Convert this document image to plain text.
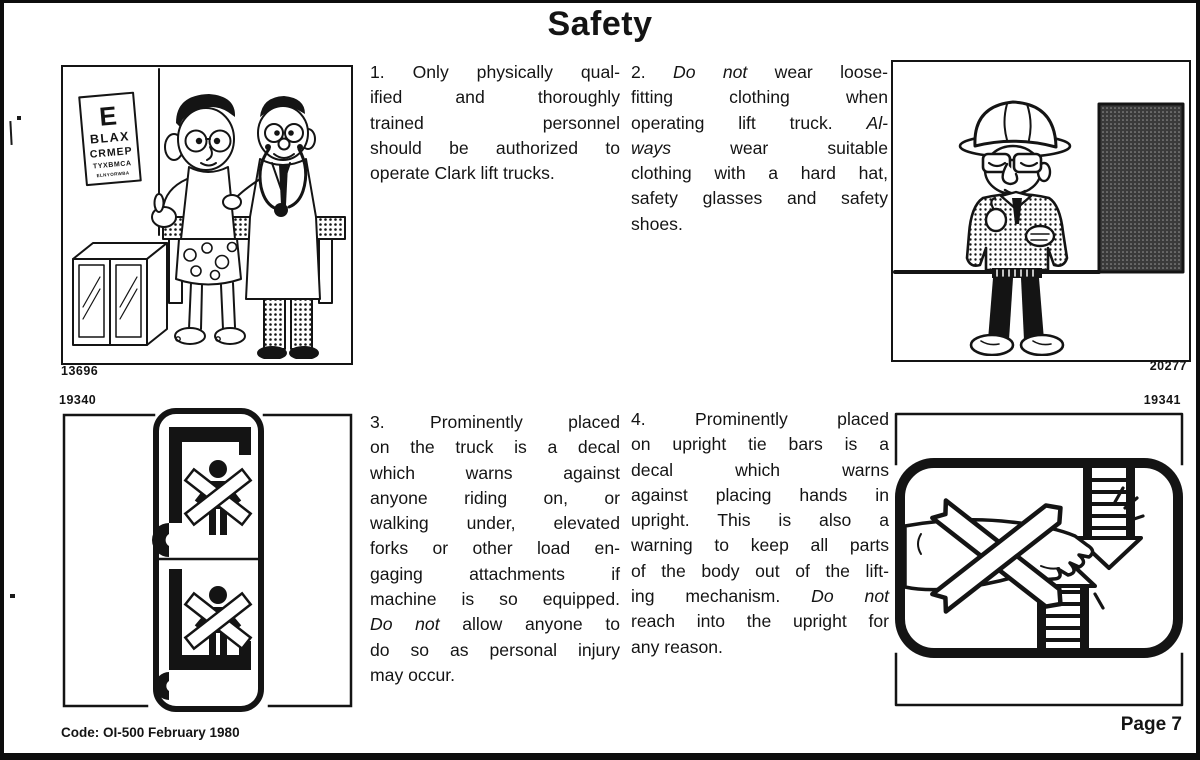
Safety
E
BLAX
CRMEP
TYXBMCA
ELNYORWBA
13696	20277
19340	19341
1. Only physically qual-
ified and thoroughly
trained personnel
should be authorized to
operate Clark lift trucks.
2. Do not wear loose-
fitting clothing when
operating lift truck. Al-
ways wear suitable
clothing with a hard hat,
safety glasses and safety
shoes.
3. Prominently placed
on the truck is a decal
which warns against
anyone riding on, or
walking under, elevated
forks or other load en-
gaging attachments if
machine is so equipped.
Do not allow anyone to
do so as personal injury
may occur.
4. Prominently placed
on upright tie bars is a
decal which warns
against placing hands in
upright. This is also a
warning to keep all parts
of the body out of the lift-
ing mechanism. Do not
reach into the upright for
any reason.
Code: OI-500 February 1980	Page 7
